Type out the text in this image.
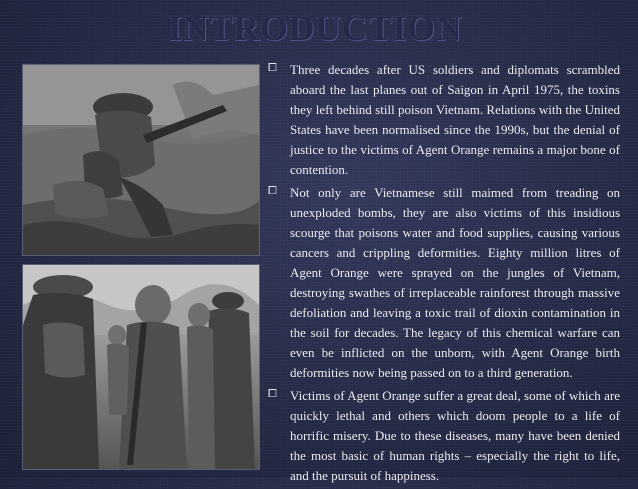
INTRODUCTION
⧠ Three decades after US soldiers and diplomats scrambled aboard the last planes out of Saigon in April 1975, the toxins they left behind still poison Vietnam. Relations with the United States have been normalised since the 1990s, but the denial of justice to the victims of Agent Orange remains a major bone of contention.
⧠ Not only are Vietnamese still maimed from treading on unexploded bombs, they are also victims of this insidious scourge that poisons water and food supplies, causing various cancers and crippling deformities. Eighty million litres of Agent Orange were sprayed on the jungles of Vietnam, destroying swathes of irreplaceable rainforest through massive defoliation and leaving a toxic trail of dioxin contamination in the soil for decades. The legacy of this chemical warfare can even be inflicted on the unborn, with Agent Orange birth deformities now being passed on to a third generation.
⧠ Victims of Agent Orange suffer a great deal, some of which are quickly lethal and others which doom people to a life of horrific misery. Due to these diseases, many have been denied the most basic of human rights – especially the right to life, and the pursuit of happiness.
